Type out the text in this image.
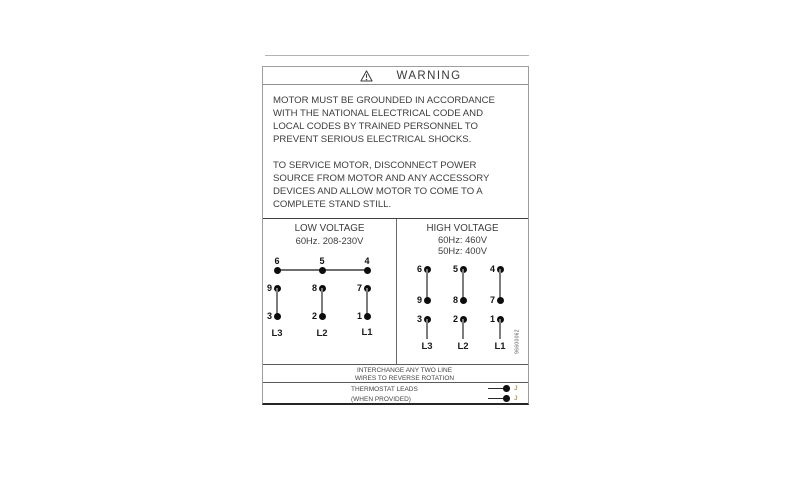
WARNING
MOTOR MUST BE GROUNDED IN ACCORDANCE
WITH THE NATIONAL ELECTRICAL CODE AND
LOCAL CODES BY TRAINED PERSONNEL TO
PREVENT SERIOUS ELECTRICAL SHOCKS.
TO SERVICE MOTOR, DISCONNECT POWER
SOURCE FROM MOTOR AND ANY ACCESSORY
DEVICES AND ALLOW MOTOR TO COME TO A
COMPLETE STAND STILL.
LOW VOLTAGE
60Hz. 208-230V
6
9
3
L3
5
8
2
L2
4
7
1
L1
HIGH VOLTAGE
60Hz: 460V
50Hz: 400V
6
9
3
L3
5
8
2
L2
4
7
1
L1	96600062
INTERCHANGE ANY TWO LINE
WIRES TO REVERSE ROTATION
THERMOSTAT LEADS
(WHEN PROVIDED)
J
J
